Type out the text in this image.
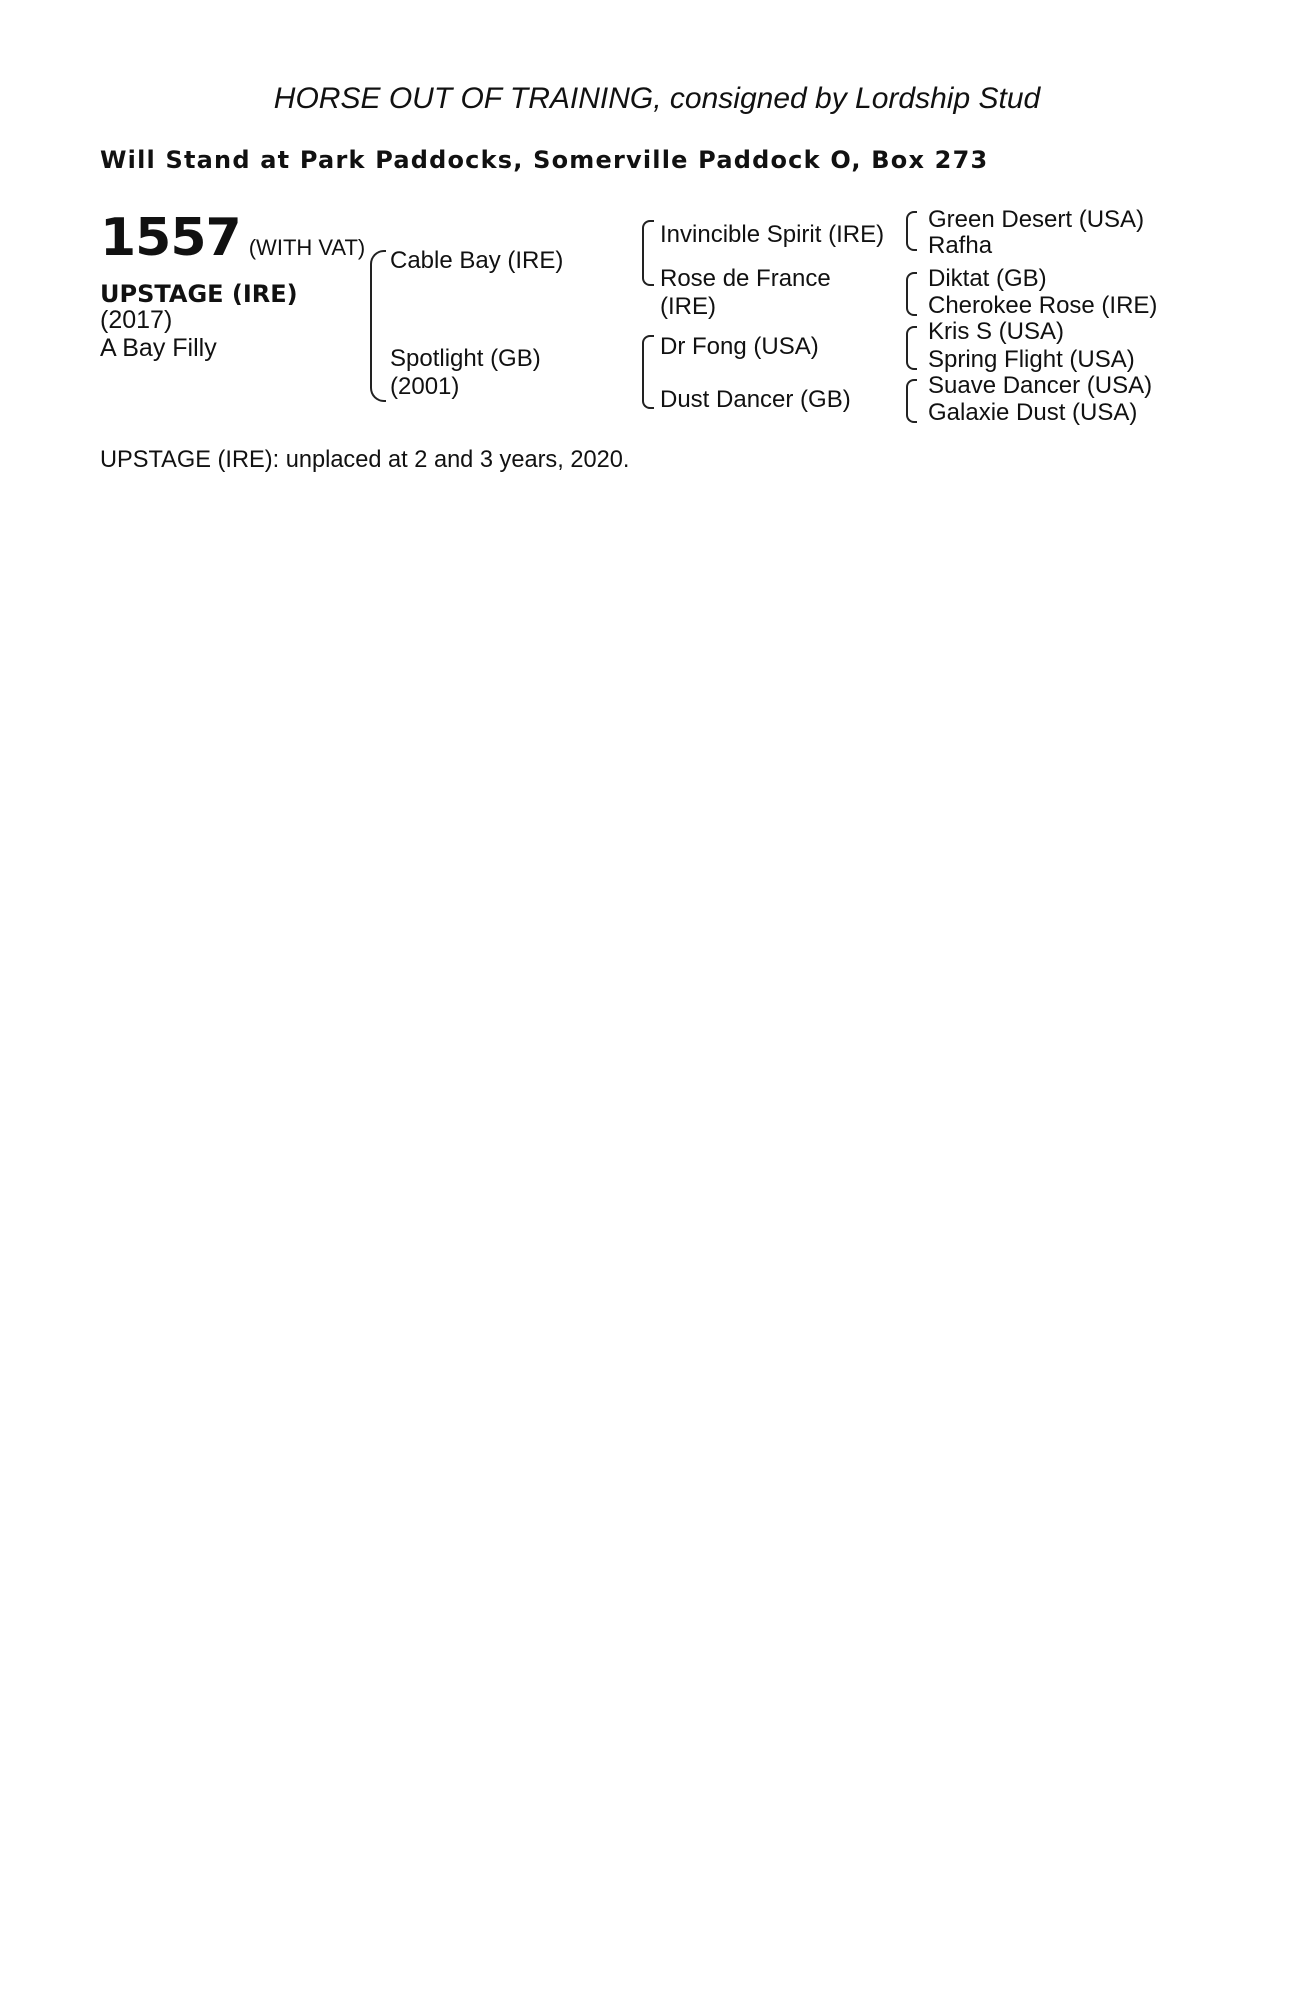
HORSE OUT OF TRAINING, consigned by Lordship Stud
Will Stand at Park Paddocks, Somerville Paddock O, Box 273
1557 (WITH VAT)
UPSTAGE (IRE)
(2017)
A Bay Filly
Cable Bay (IRE)
Spotlight (GB)
(2001)
Invincible Spirit (IRE)
Rose de France
(IRE)
Dr Fong (USA)
Dust Dancer (GB)
Green Desert (USA)
Rafha
Diktat (GB)
Cherokee Rose (IRE)
Kris S (USA)
Spring Flight (USA)
Suave Dancer (USA)
Galaxie Dust (USA)

UPSTAGE (IRE): unplaced at 2 and 3 years, 2020.
